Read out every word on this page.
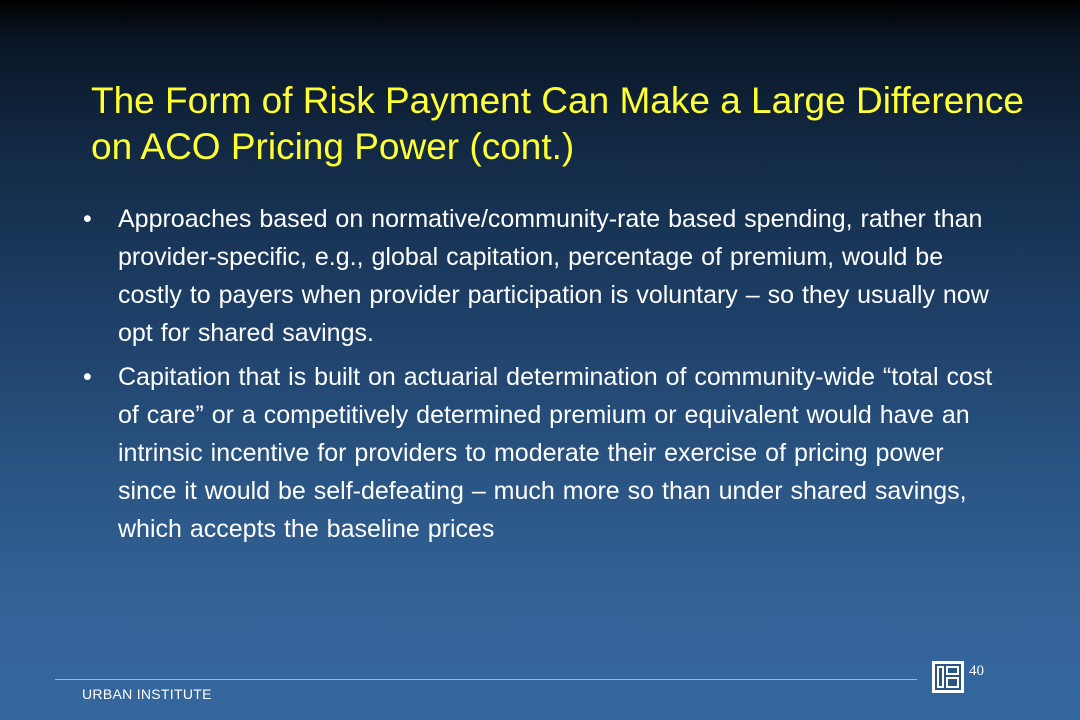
The Form of Risk Payment Can Make a Large Difference on ACO Pricing Power (cont.)
• Approaches based on normative/community-rate based spending, rather than provider-specific, e.g., global capitation, percentage of premium, would be costly to payers when provider participation is voluntary – so they usually now opt for shared savings.
• Capitation that is built on actuarial determination of community-wide “total cost of care” or a competitively determined premium or equivalent would have an intrinsic incentive for providers to moderate their exercise of pricing power since it would be self-defeating – much more so than under shared savings, which accepts the baseline prices
URBAN INSTITUTE
40
